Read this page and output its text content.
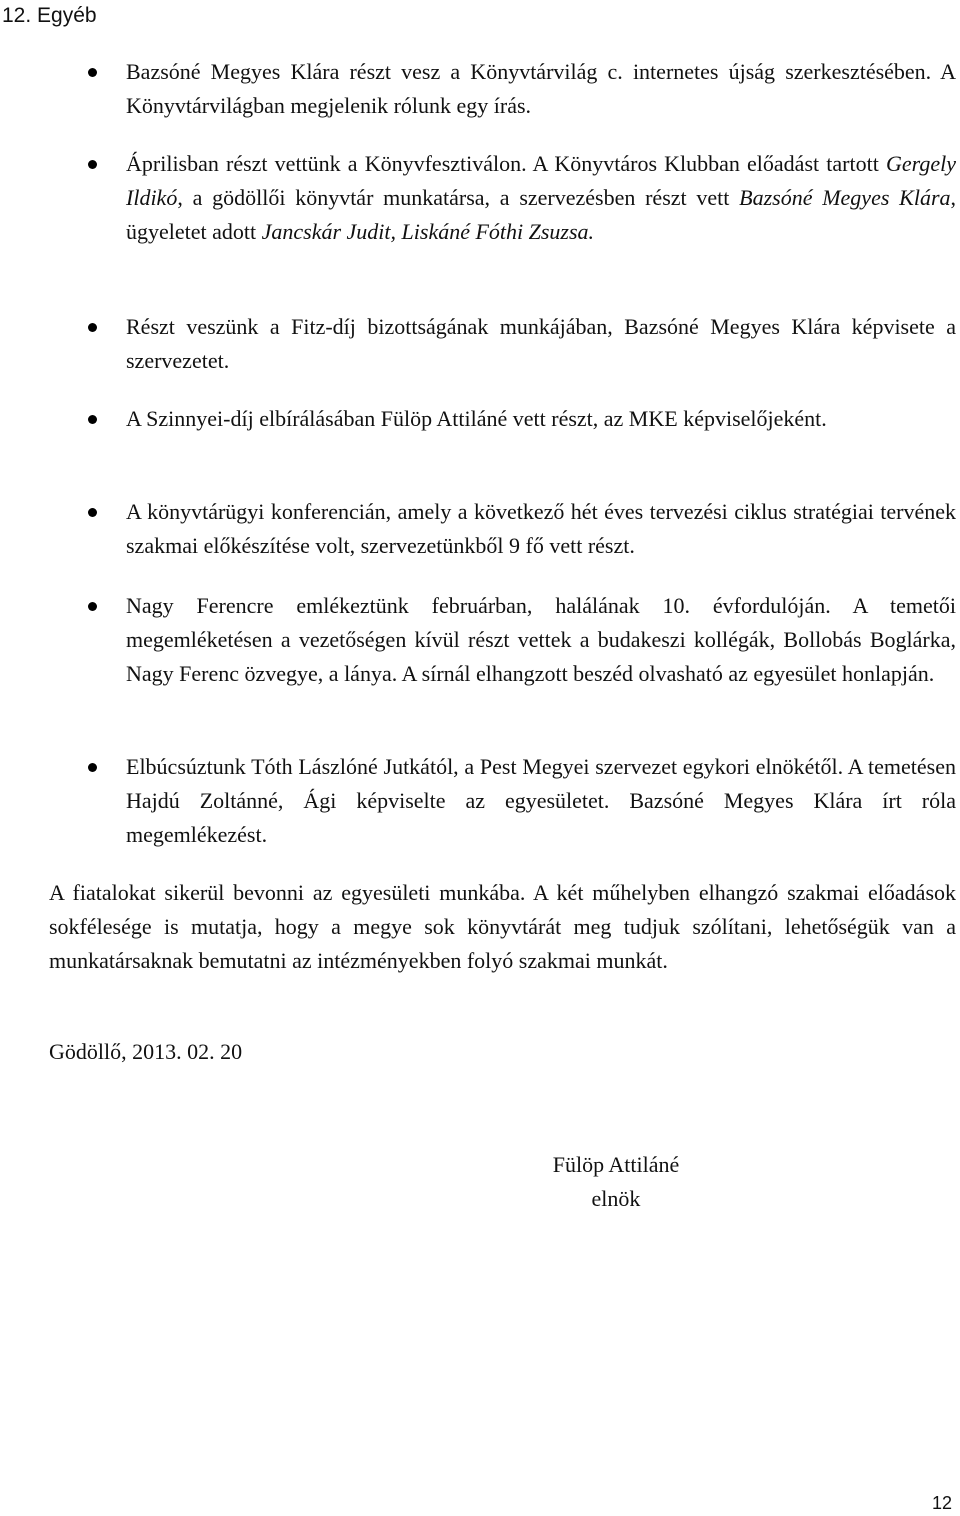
12. Egyéb
Bazsóné Megyes Klára részt vesz a Könyvtárvilág c. internetes újság szerkesztésében. A Könyvtárvilágban megjelenik rólunk egy írás.
Áprilisban részt vettünk a Könyvfesztiválon. A Könyvtáros Klubban előadást tartott Gergely Ildikó, a gödöllői könyvtár munkatársa, a szervezésben részt vett Bazsóné Megyes Klára, ügyeletet adott Jancskár Judit, Liskáné Fóthi Zsuzsa.
Részt veszünk a Fitz-díj bizottságának munkájában, Bazsóné Megyes Klára képvisete a szervezetet.
A Szinnyei-díj elbírálásában Fülöp Attiláné vett részt, az MKE képviselőjeként.
A könyvtárügyi konferencián, amely a következő hét éves tervezési ciklus stratégiai tervének szakmai előkészítése volt, szervezetünkből 9 fő vett részt.
Nagy Ferencre emlékeztünk februárban, halálának 10. évfordulóján. A temetői megemléketésen a vezetőségen kívül részt vettek a budakeszi kollégák, Bollobás Boglárka, Nagy Ferenc özvegye, a lánya. A sírnál elhangzott beszéd olvasható az egyesület honlapján.
Elbúcsúztunk Tóth Lászlóné Jutkától, a Pest Megyei szervezet egykori elnökétől. A temetésen Hajdú Zoltánné, Ági képviselte az egyesületet. Bazsóné Megyes Klára írt róla megemlékezést.

A fiatalokat sikerül bevonni az egyesületi munkába. A két műhelyben elhangzó szakmai előadások sokfélesége is mutatja, hogy a megye sok könyvtárát meg tudjuk szólítani, lehetőségük van a munkatársaknak bemutatni az intézményekben folyó szakmai munkát.

Gödöllő, 2013. 02. 20
Fülöp Attiláné
elnök
12
